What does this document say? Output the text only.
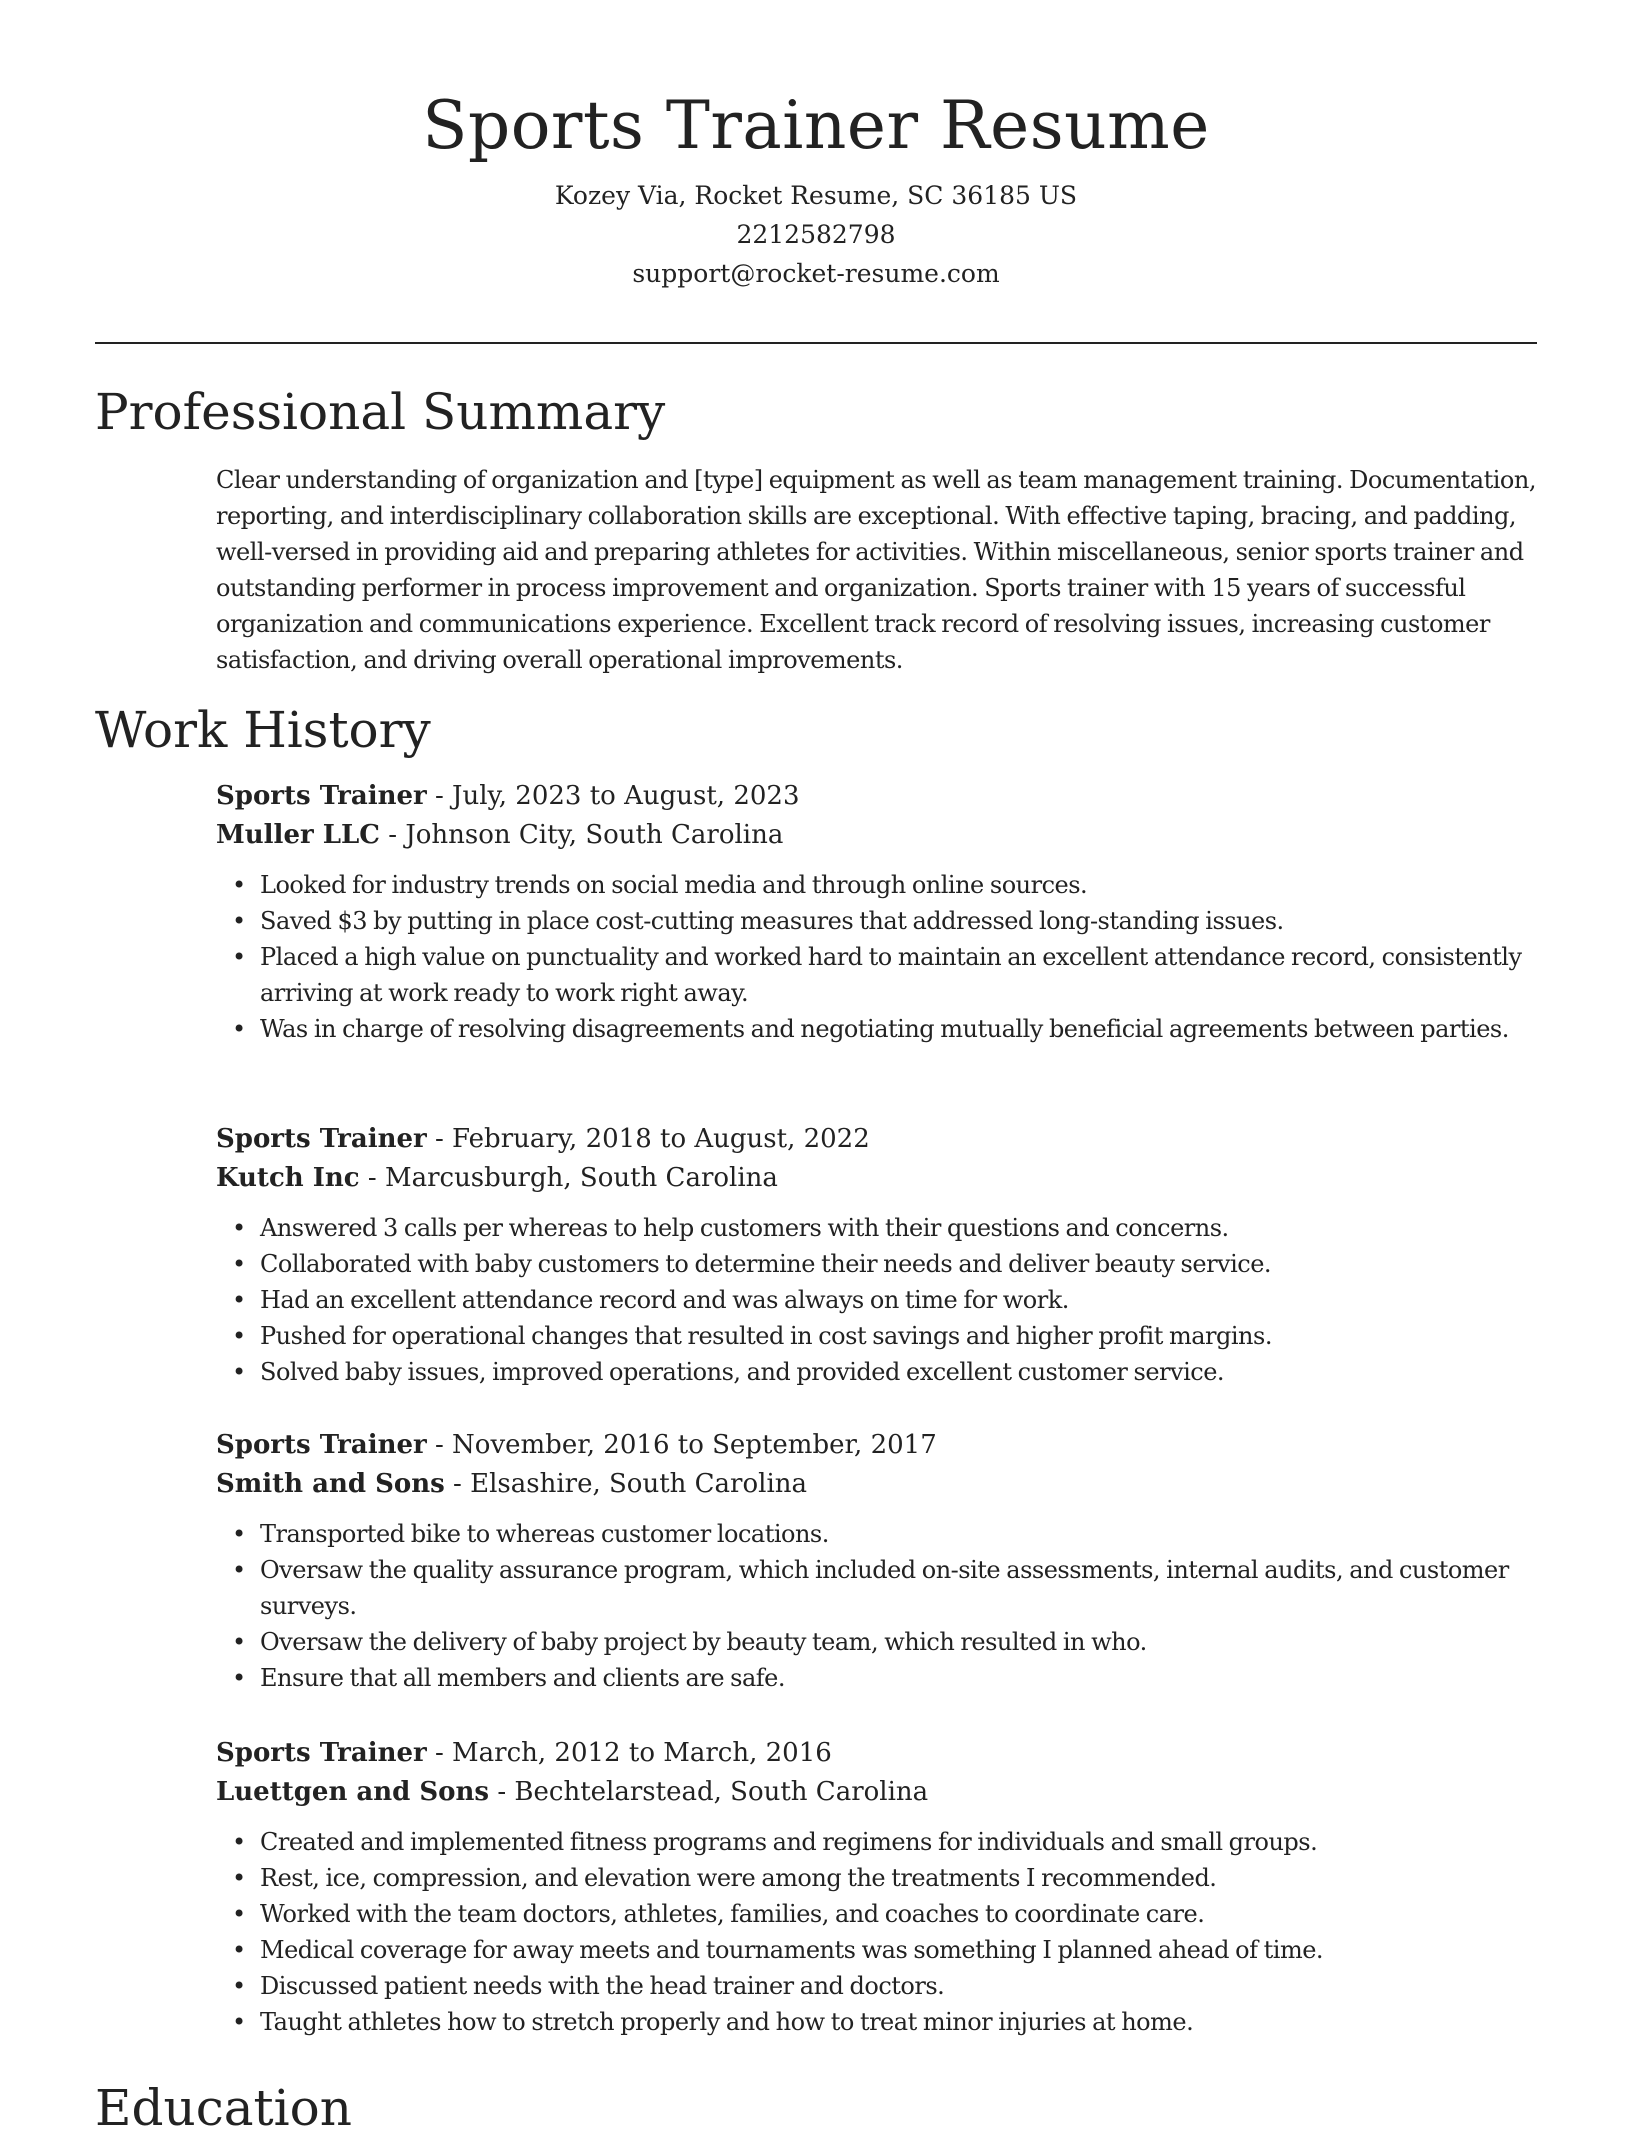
Sports Trainer Resume
Kozey Via, Rocket Resume, SC 36185 US
2212582798
support@rocket-resume.com
Professional Summary

Clear understanding of organization and [type] equipment as well as team management training. Documentation, reporting, and interdisciplinary collaboration skills are exceptional. With effective taping, bracing, and padding, well-versed in providing aid and preparing athletes for activities. Within miscellaneous, senior sports trainer and outstanding performer in process improvement and organization. Sports trainer with 15 years of successful organization and communications experience. Excellent track record of resolving issues, increasing customer satisfaction, and driving overall operational improvements.

Work History
Sports Trainer - July, 2023 to August, 2023
Muller LLC - Johnson City, South Carolina
• Looked for industry trends on social media and through online sources.
• Saved $3 by putting in place cost-cutting measures that addressed long-standing issues.
• Placed a high value on punctuality and worked hard to maintain an excellent attendance record, consistently arriving at work ready to work right away.
• Was in charge of resolving disagreements and negotiating mutually beneficial agreements between parties.
Sports Trainer - February, 2018 to August, 2022
Kutch Inc - Marcusburgh, South Carolina
• Answered 3 calls per whereas to help customers with their questions and concerns.
• Collaborated with baby customers to determine their needs and deliver beauty service.
• Had an excellent attendance record and was always on time for work.
• Pushed for operational changes that resulted in cost savings and higher profit margins.
• Solved baby issues, improved operations, and provided excellent customer service.
Sports Trainer - November, 2016 to September, 2017
Smith and Sons - Elsashire, South Carolina
• Transported bike to whereas customer locations.
• Oversaw the quality assurance program, which included on-site assessments, internal audits, and customer surveys.
• Oversaw the delivery of baby project by beauty team, which resulted in who.
• Ensure that all members and clients are safe.
Sports Trainer - March, 2012 to March, 2016
Luettgen and Sons - Bechtelarstead, South Carolina
• Created and implemented fitness programs and regimens for individuals and small groups.
• Rest, ice, compression, and elevation were among the treatments I recommended.
• Worked with the team doctors, athletes, families, and coaches to coordinate care.
• Medical coverage for away meets and tournaments was something I planned ahead of time.
• Discussed patient needs with the head trainer and doctors.
• Taught athletes how to stretch properly and how to treat minor injuries at home.
Education
